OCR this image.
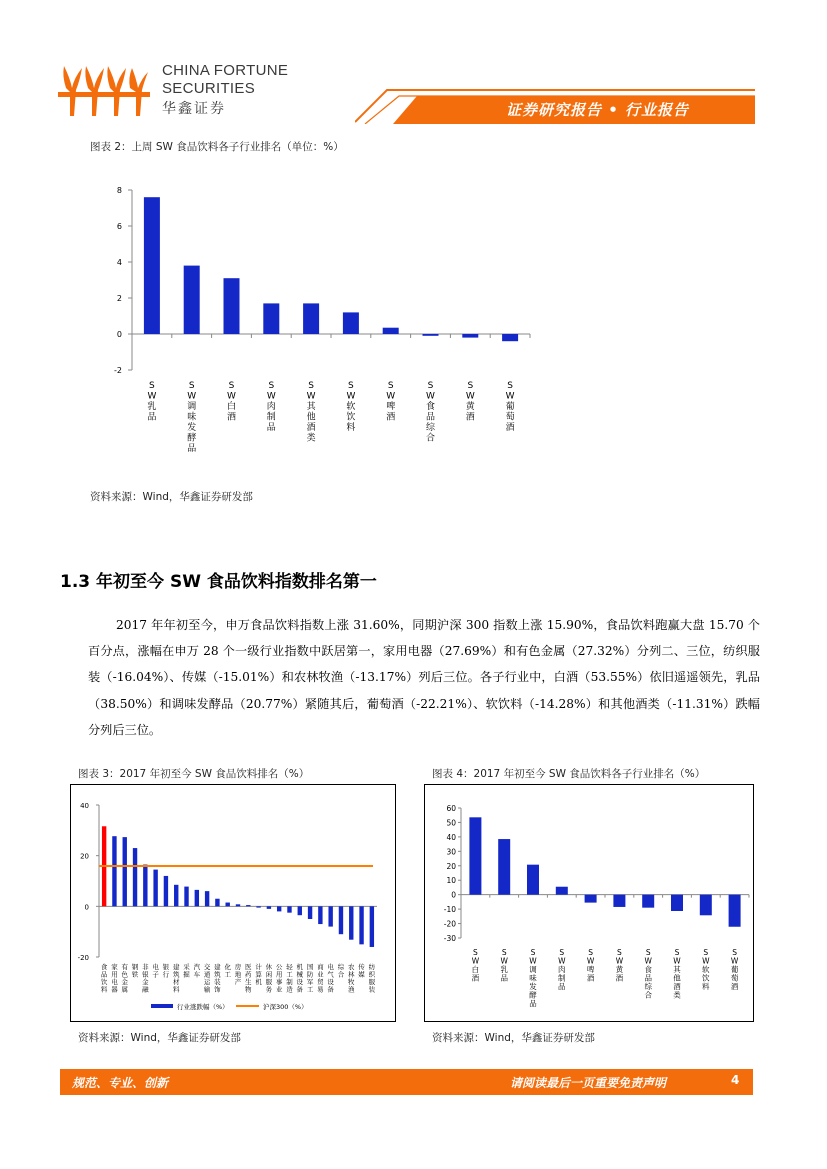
CHINA FORTUNE
SECURITIES
华鑫证券	证券研究报告 • 行业报告
图表 2：上周 SW 食品饮料各子行业排名（单位：%）
8
6
4
2
0
-2
S W 乳品
S W 调味发酵品
S W 白酒
S W 肉制品
S W 其他酒类
S W 软饮料
S W 啤酒
S W 食品综合
S W 黄酒
S W 葡萄酒
资料来源：Wind，华鑫证券研发部
1.3 年初至今 SW 食品饮料指数排名第一

2017 年年初至今，申万食品饮料指数上涨 31.60%，同期沪深 300 指数上涨 15.90%，食品饮料跑赢大盘 15.70 个百分点，涨幅在申万 28 个一级行业指数中跃居第一，家用电器（27.69%）和有色金属（27.32%）分列二、三位，纺织服装（-16.04%）、传媒（-15.01%）和农林牧渔（-13.17%）列后三位。各子行业中，白酒（53.55%）依旧遥遥领先，乳品（38.50%）和调味发酵品（20.77%）紧随其后，葡萄酒（-22.21%）、软饮料（-14.28%）和其他酒类（-11.31%）跌幅分列后三位。

图表 3：2017 年初至今 SW 食品饮料排名（%）
40
20
0
-20
食品饮料
家用电器
有色金属
钢铁
非银金融
电子
银行
建筑材料
采掘
汽车
交通运输
建筑装饰
化工
房地产
医药生物
计算机
休闲服务
公用事业
轻工制造
机械设备
国防军工
商业贸易
电气设备
综合
农林牧渔
传媒
纺织服装
行业涨跌幅（%）	沪深300（%）
资料来源：Wind，华鑫证券研发部
图表 4：2017 年初至今 SW 食品饮料各子行业排名（%）
60
50
40
30
20
10
0
-10
-20
-30
S W 白酒
S W 乳品
S W 调味发酵品
S W 肉制品
S W 啤酒
S W 黄酒
S W 食品综合
S W 其他酒类
S W 软饮料
S W 葡萄酒
资料来源：Wind，华鑫证券研发部
规范、专业、创新	请阅读最后一页重要免责声明	4
